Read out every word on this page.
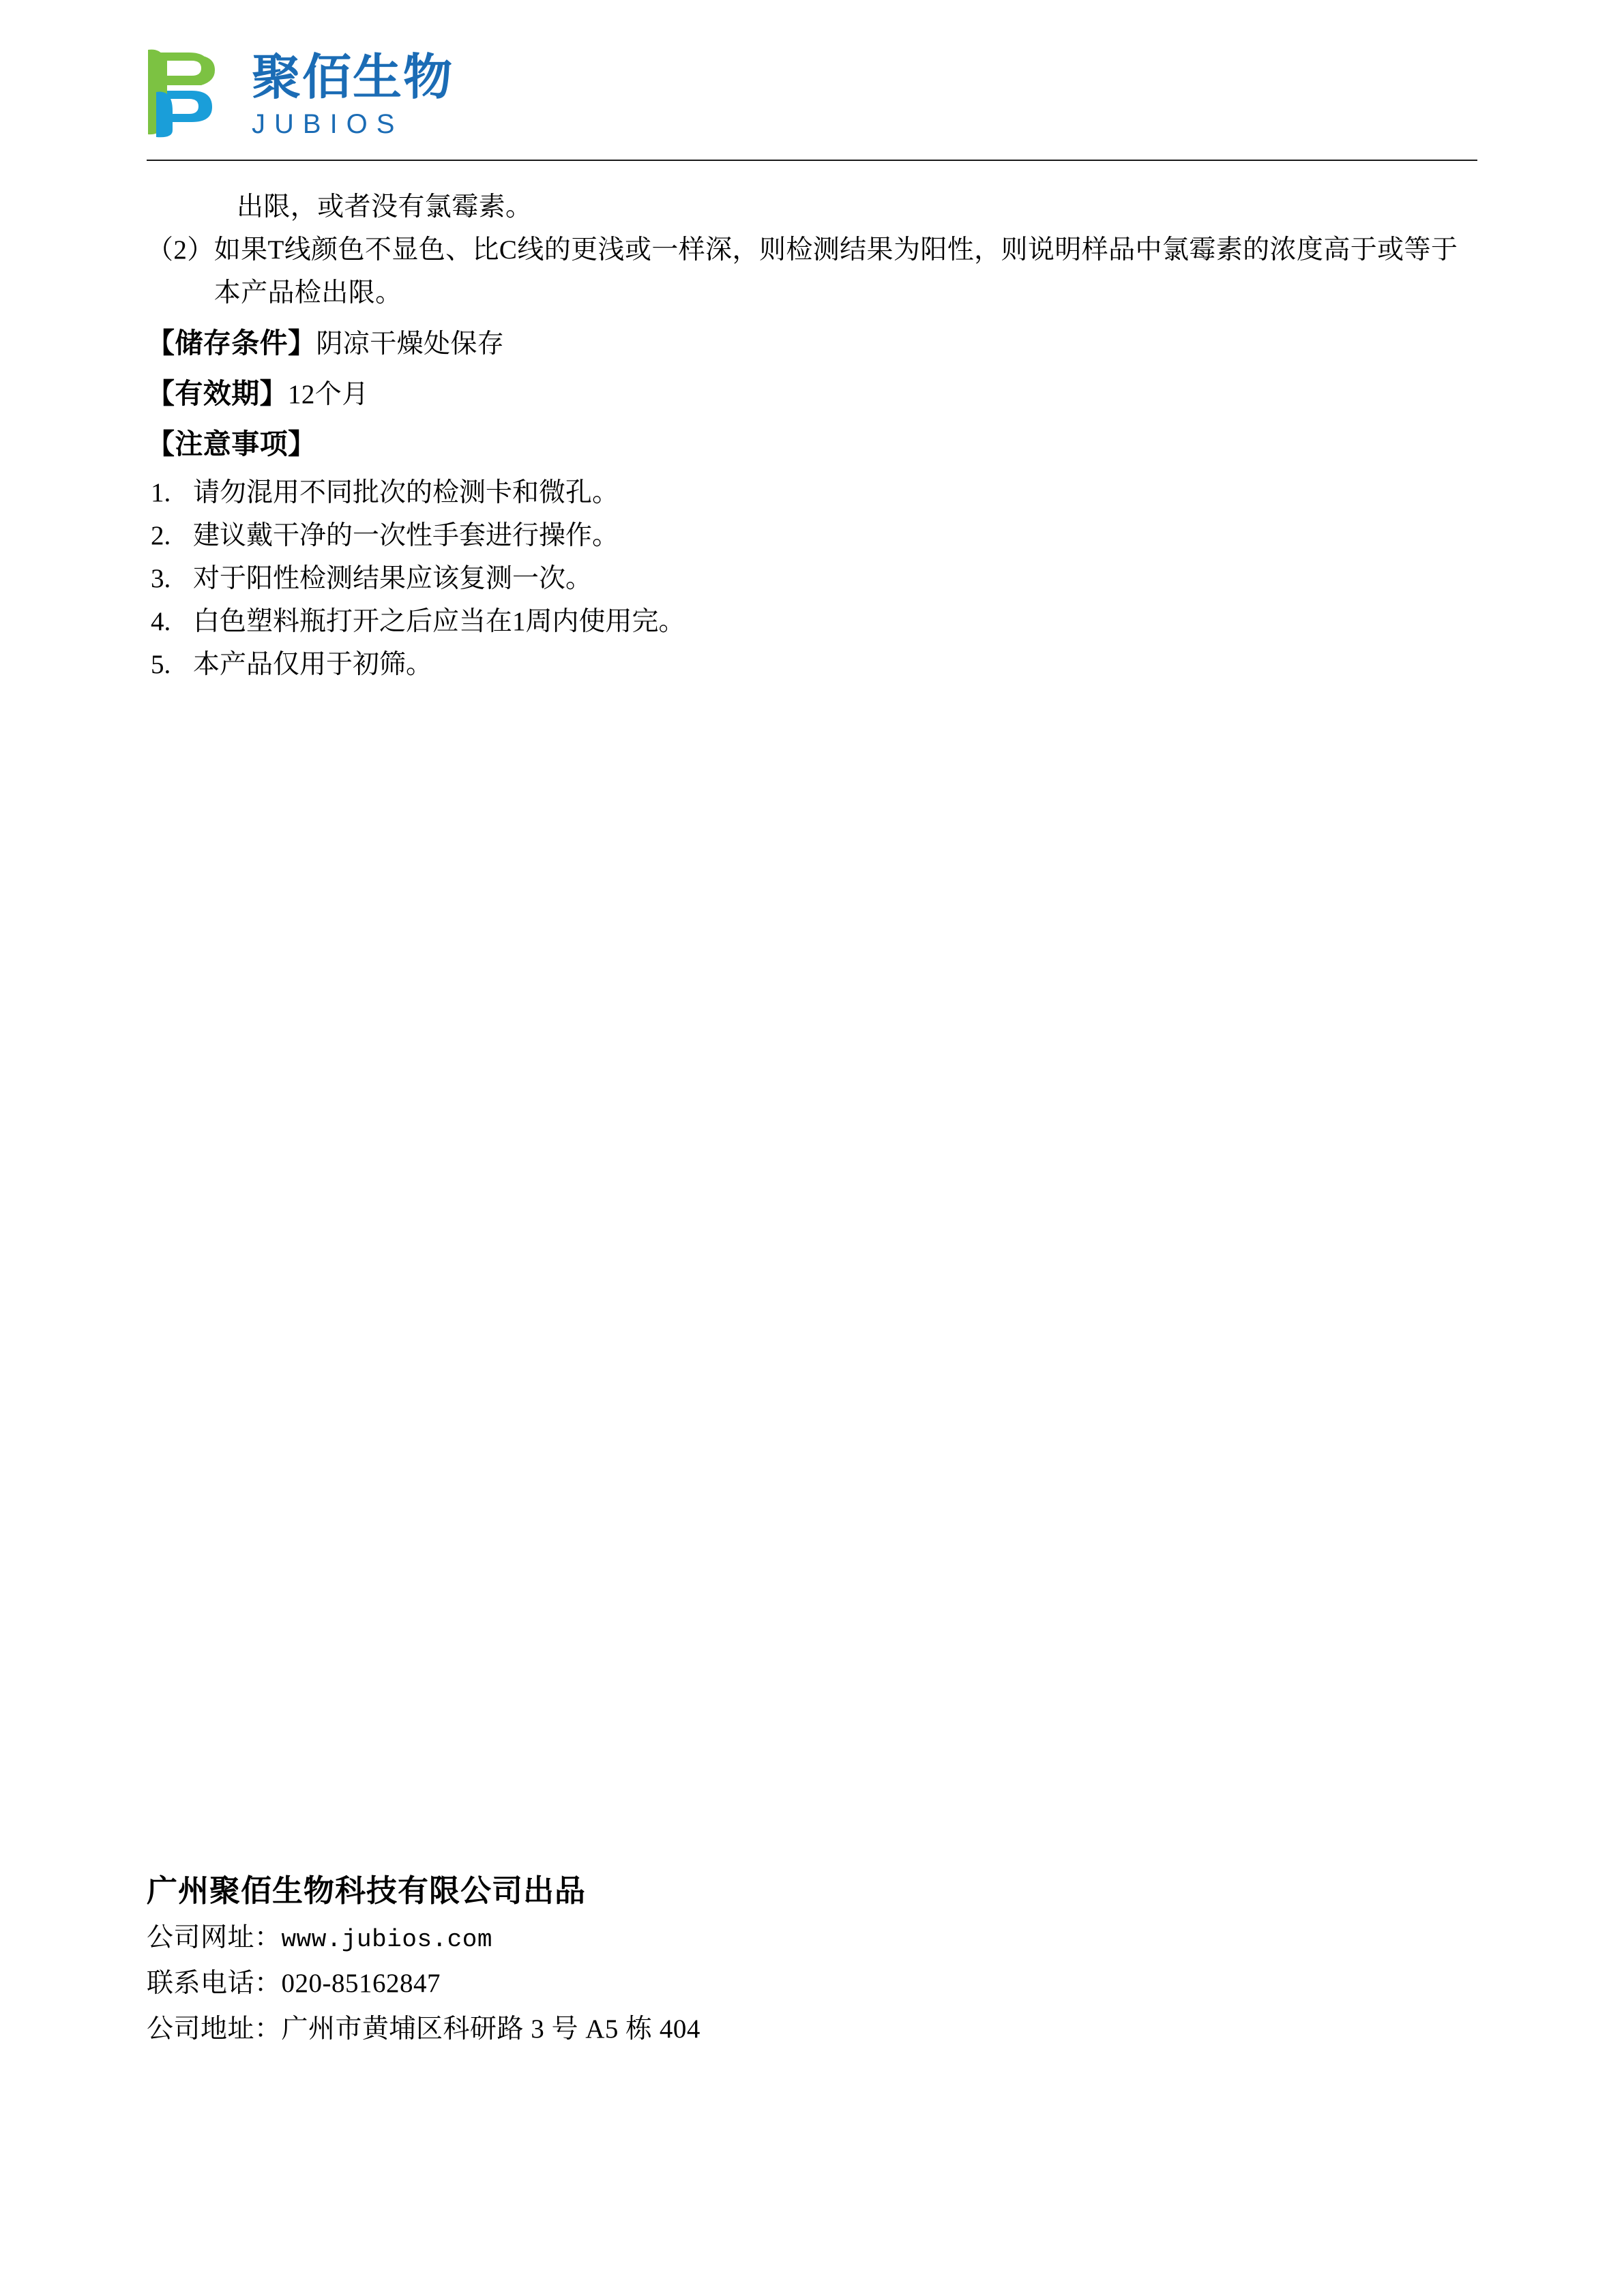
聚佰生物
JUBIOS
出限，或者没有氯霉素。
（2） 如果T线颜色不显色、比C线的更浅或一样深，则检测结果为阳性，则说明样品中氯霉素的浓度高于或等于本产品检出限。
【储存条件】阴凉干燥处保存
【有效期】12个月
【注意事项】
1. 请勿混用不同批次的检测卡和微孔。
2. 建议戴干净的一次性手套进行操作。
3. 对于阳性检测结果应该复测一次。
4. 白色塑料瓶打开之后应当在1周内使用完。
5. 本产品仅用于初筛。
广州聚佰生物科技有限公司出品
公司网址：www.jubios.com
联系电话：020-85162847
公司地址：广州市黄埔区科研路 3 号 A5 栋 404
